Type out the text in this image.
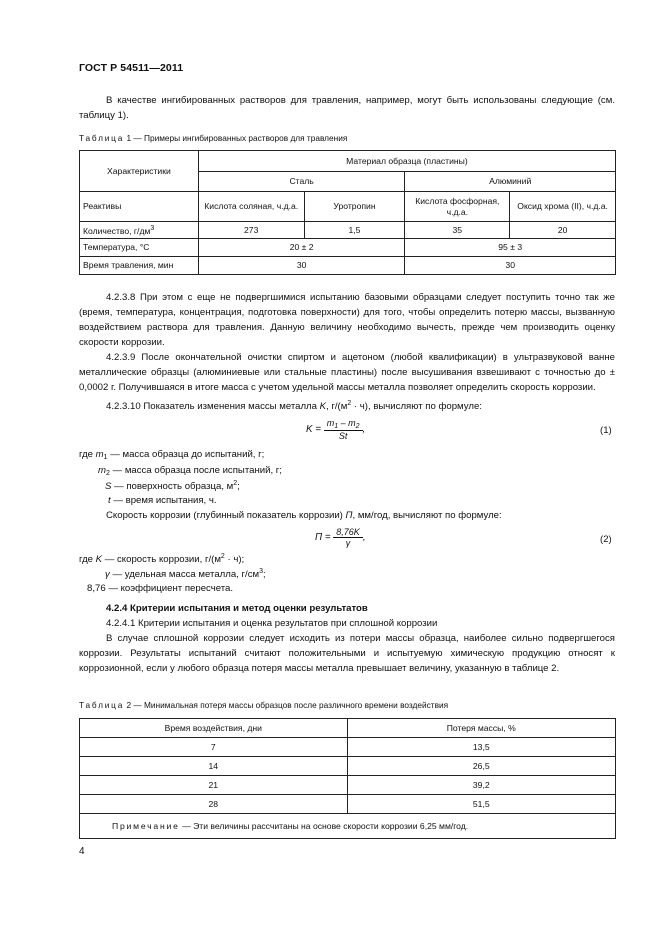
ГОСТ Р 54511—2011

В качестве ингибированных растворов для травления, например, могут быть использованы следующие (см. таблицу 1).

Таблица 1 — Примеры ингибированных растворов для травления
Характеристики	Материал образца (пластины)			
	Сталь		Алюминий	
Реактивы	Кислота соляная, ч.д.а.	Уротропин	Кислота фосфорная, ч.д.а.	Оксид хрома (II), ч.д.а.
Количество, $г/дм^3$	273	1,5	35	20
Температура, °С	20 ± 2		95 ± 3	
Время травления, мин	30		30	

4.2.3.8 При этом с еще не подвергшимися испытанию базовыми образцами следует поступить точно так же (время, температура, концентрация, подготовка поверхности) для того, чтобы определить потерю массы, вызванную воздействием раствора для травления. Данную величину необходимо вычесть, прежде чем производить оценку скорости коррозии.

4.2.3.9 После окончательной очистки спиртом и ацетоном (любой квалификации) в ультразвуковой ванне металлические образцы (алюминиевые или стальные пластины) после высушивания взвешивают с точностью до ± 0,0002 г. Получившаяся в итоге масса с учетом удельной массы металла позволяет определить скорость коррозии.

4.2.3.10 Показатель изменения массы металла K, $г/(м^2 \cdot ч)$, вычисляют по формуле:
$K = \frac{m_1 - m_2}{St}$ ,	(1)
где $m_1$ — масса образца до испытаний, г;
$m_2$ — масса образца после испытаний, г;
S — поверхность образца, $м^2$;
t — время испытания, ч.
Скорость коррозии (глубинный показатель коррозии) П, мм/год, вычисляют по формуле:
$П = \frac{8,76K}{\gamma}$ ,	(2)
где K — скорость коррозии, $г/(м^2 \cdot ч)$;
γ — удельная масса металла, $г/см^3$;
8,76 — коэффициент пересчета.
4.2.4 Критерии испытания и метод оценки результатов
4.2.4.1 Критерии испытания и оценка результатов при сплошной коррозии

В случае сплошной коррозии следует исходить из потери массы образца, наиболее сильно подвергшегося коррозии. Результаты испытаний считают положительными и испытуемую химическую продукцию относят к коррозионной, если у любого образца потеря массы металла превышает величину, указанную в таблице 2.

Таблица 2 — Минимальная потеря массы образцов после различного времени воздействия
Время воздействия, дни	Потеря массы, %
7	13,5
14	26,5
21	39,2
28	51,5
Примечание — Эти величины рассчитаны на основе скорости коррозии 6,25 мм/год.	
4
